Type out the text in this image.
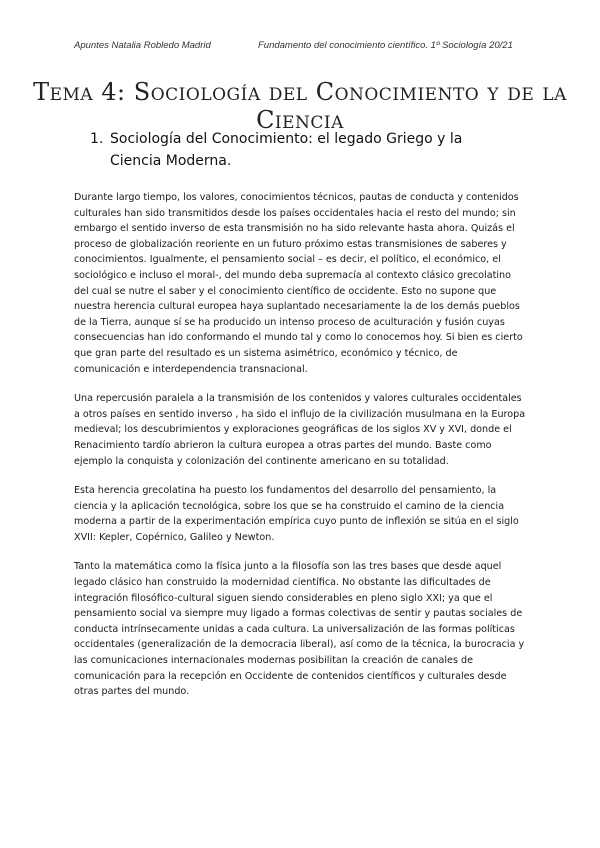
Apuntes Natalia Robledo Madrid	Fundamento del conocimiento científico. 1º Sociología 20/21
Tema 4: Sociología del Conocimiento y de la Ciencia
1. Sociología del Conocimiento: el legado Griego y la Ciencia Moderna.

Durante largo tiempo, los valores, conocimientos técnicos, pautas de conducta y contenidos culturales han sido transmitidos desde los países occidentales hacia el resto del mundo; sin embargo el sentido inverso de esta transmisión no ha sido relevante hasta ahora. Quizás el proceso de globalización reoriente en un futuro próximo estas transmisiones de saberes y conocimientos. Igualmente, el pensamiento social – es decir, el político, el económico, el sociológico e incluso el moral-, del mundo deba supremacía al contexto clásico grecolatino del cual se nutre el saber y el conocimiento científico de occidente. Esto no supone que nuestra herencia cultural europea haya suplantado necesariamente la de los demás pueblos de la Tierra, aunque sí se ha producido un intenso proceso de aculturación y fusión cuyas consecuencias han ido conformando el mundo tal y como lo conocemos hoy. Si bien es cierto que gran parte del resultado es un sistema asimétrico, económico y técnico, de comunicación e interdependencia transnacional.

Una repercusión paralela a la transmisión de los contenidos y valores culturales occidentales a otros países en sentido inverso , ha sido el influjo de la civilización musulmana en la Europa medieval; los descubrimientos y exploraciones geográficas de los siglos XV y XVI, donde el Renacimiento tardío abrieron la cultura europea a otras partes del mundo. Baste como ejemplo la conquista y colonización del continente americano en su totalidad.

Esta herencia grecolatina ha puesto los fundamentos del desarrollo del pensamiento, la ciencia y la aplicación tecnológica, sobre los que se ha construido el camino de la ciencia moderna a partir de la experimentación empírica cuyo punto de inflexión se sitúa en el siglo XVII: Kepler, Copérnico, Galileo y Newton.

Tanto la matemática como la física junto a la filosofía son las tres bases que desde aquel legado clásico han construido la modernidad científica. No obstante las dificultades de integración filosófico-cultural siguen siendo considerables en pleno siglo XXI; ya que el pensamiento social va siempre muy ligado a formas colectivas de sentir y pautas sociales de conducta intrínsecamente unidas a cada cultura. La universalización de las formas políticas occidentales (generalización de la democracia liberal), así como de la técnica, la burocracia y las comunicaciones internacionales modernas posibilitan la creación de canales de comunicación para la recepción en Occidente de contenidos científicos y culturales desde otras partes del mundo.
